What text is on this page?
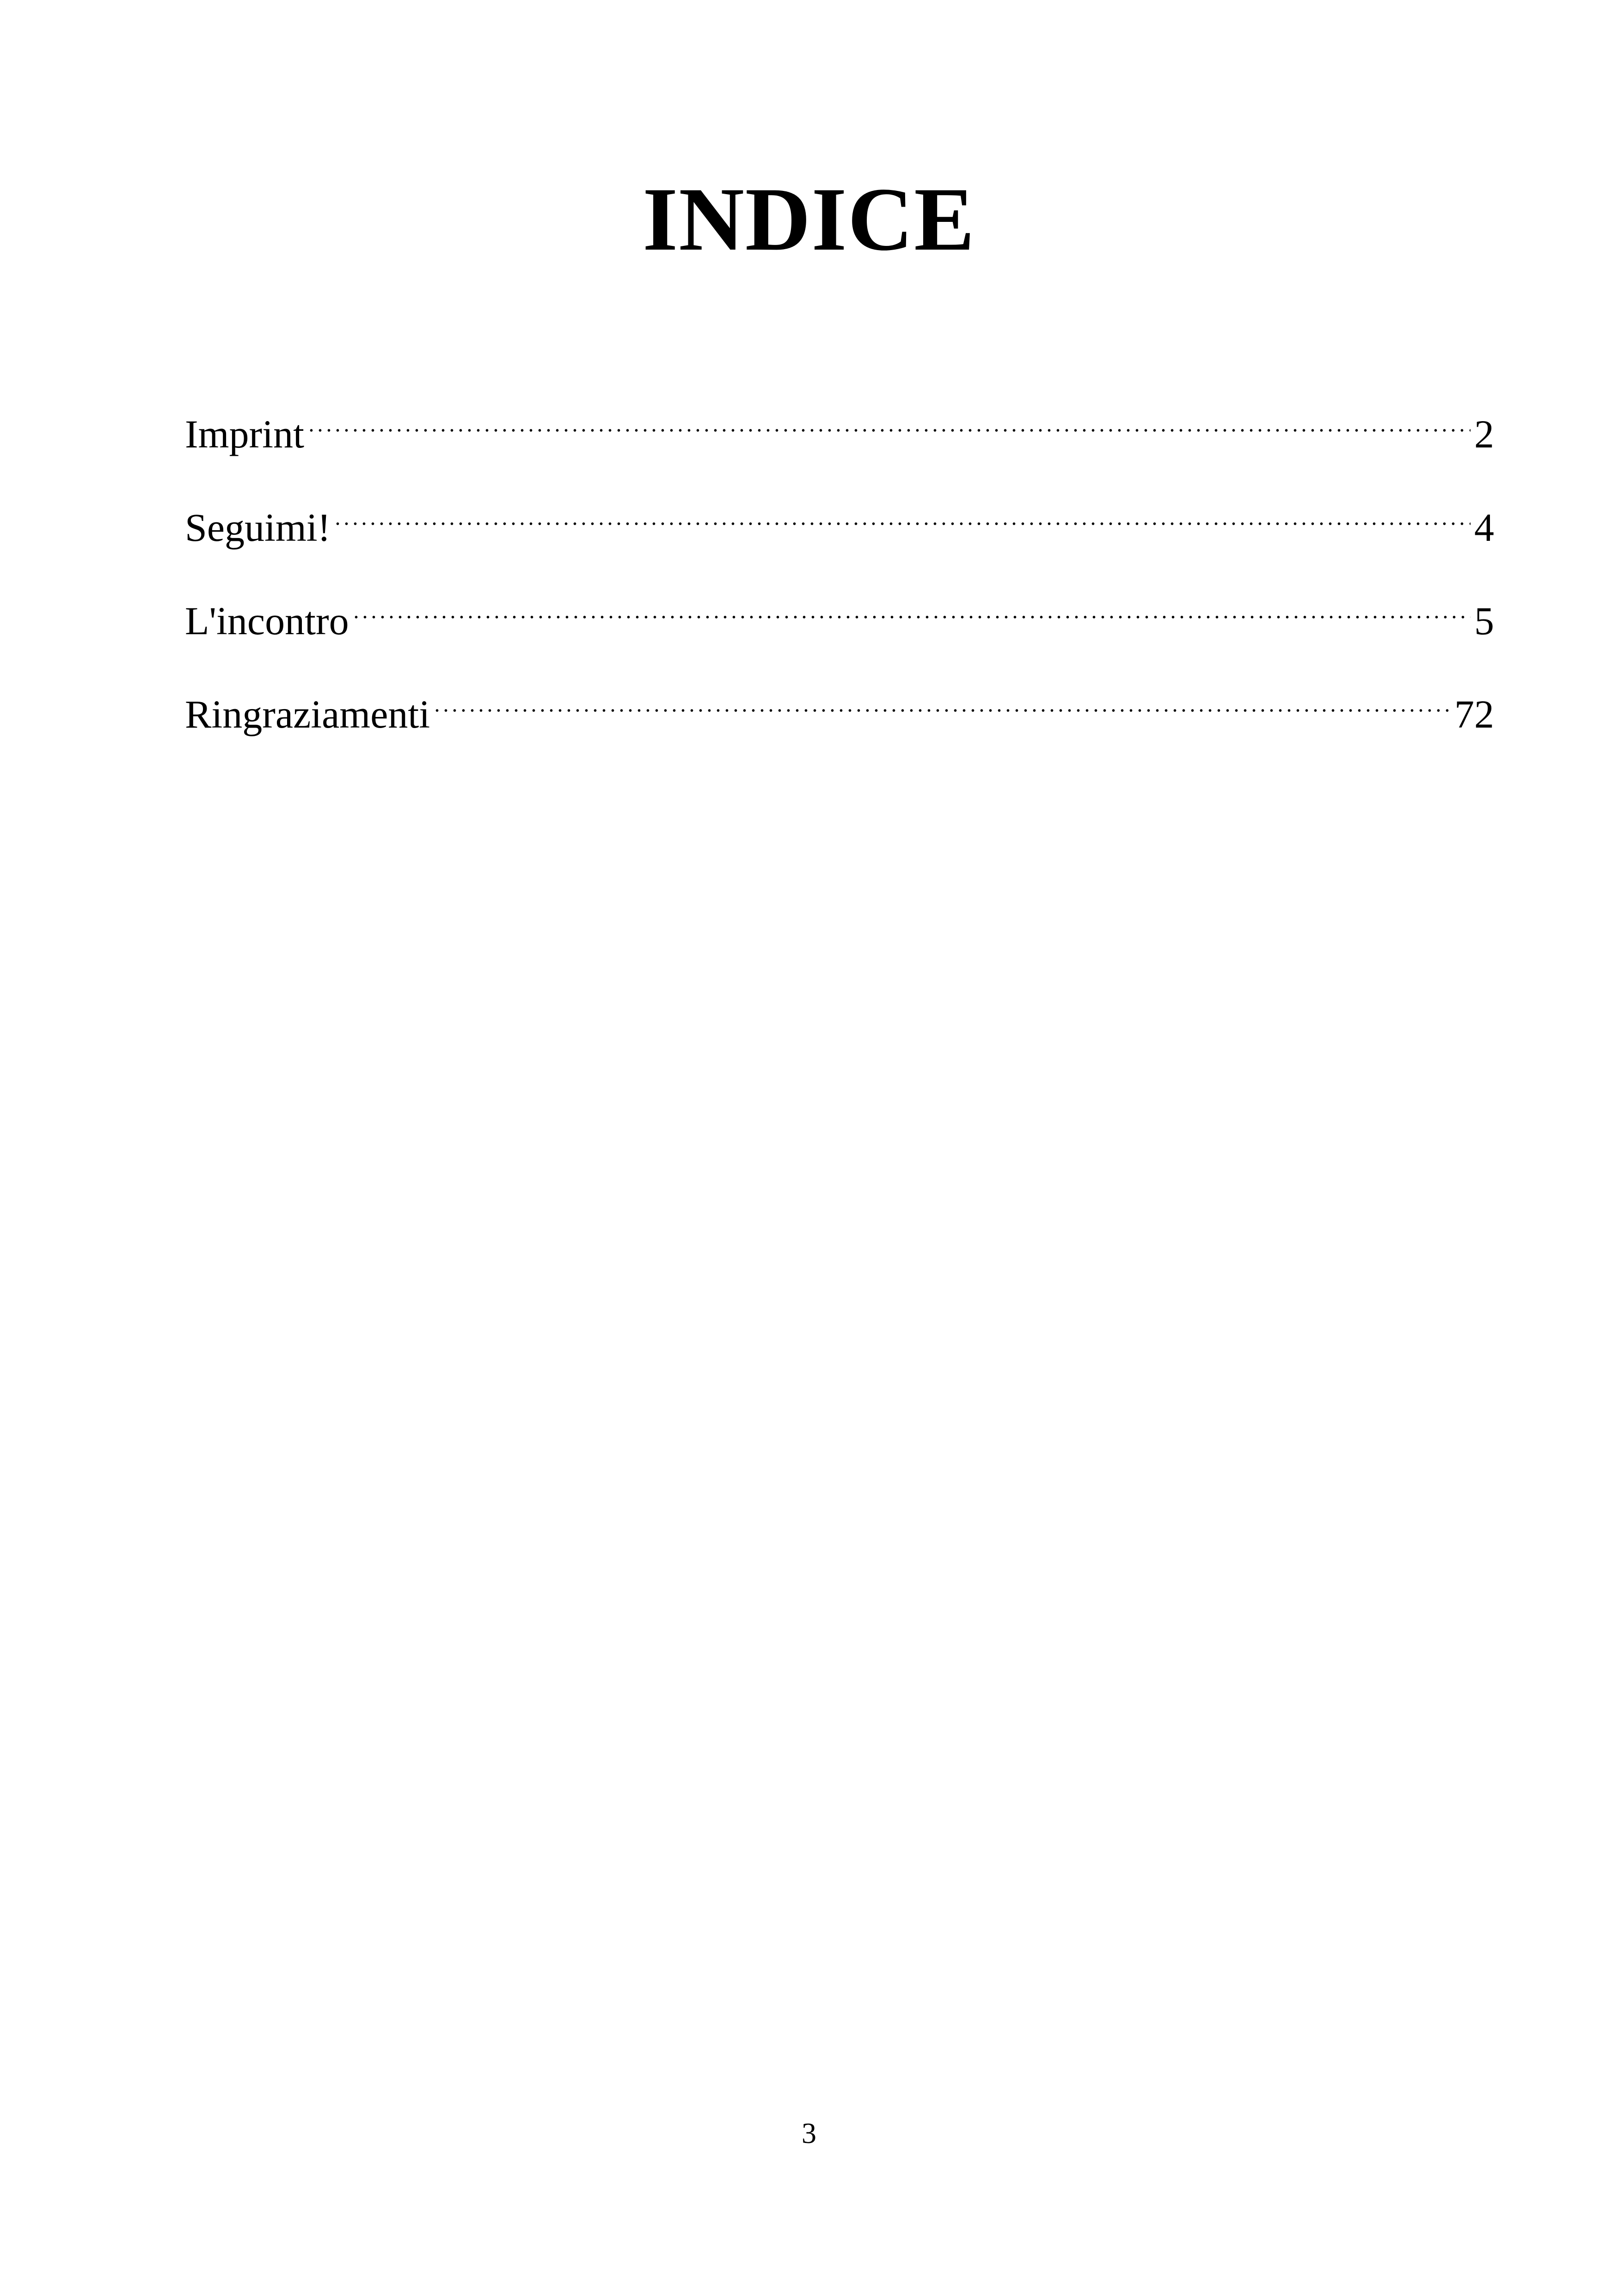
INDICE
Imprint	2
Seguimi!	4
L'incontro	5
Ringraziamenti	72
3
